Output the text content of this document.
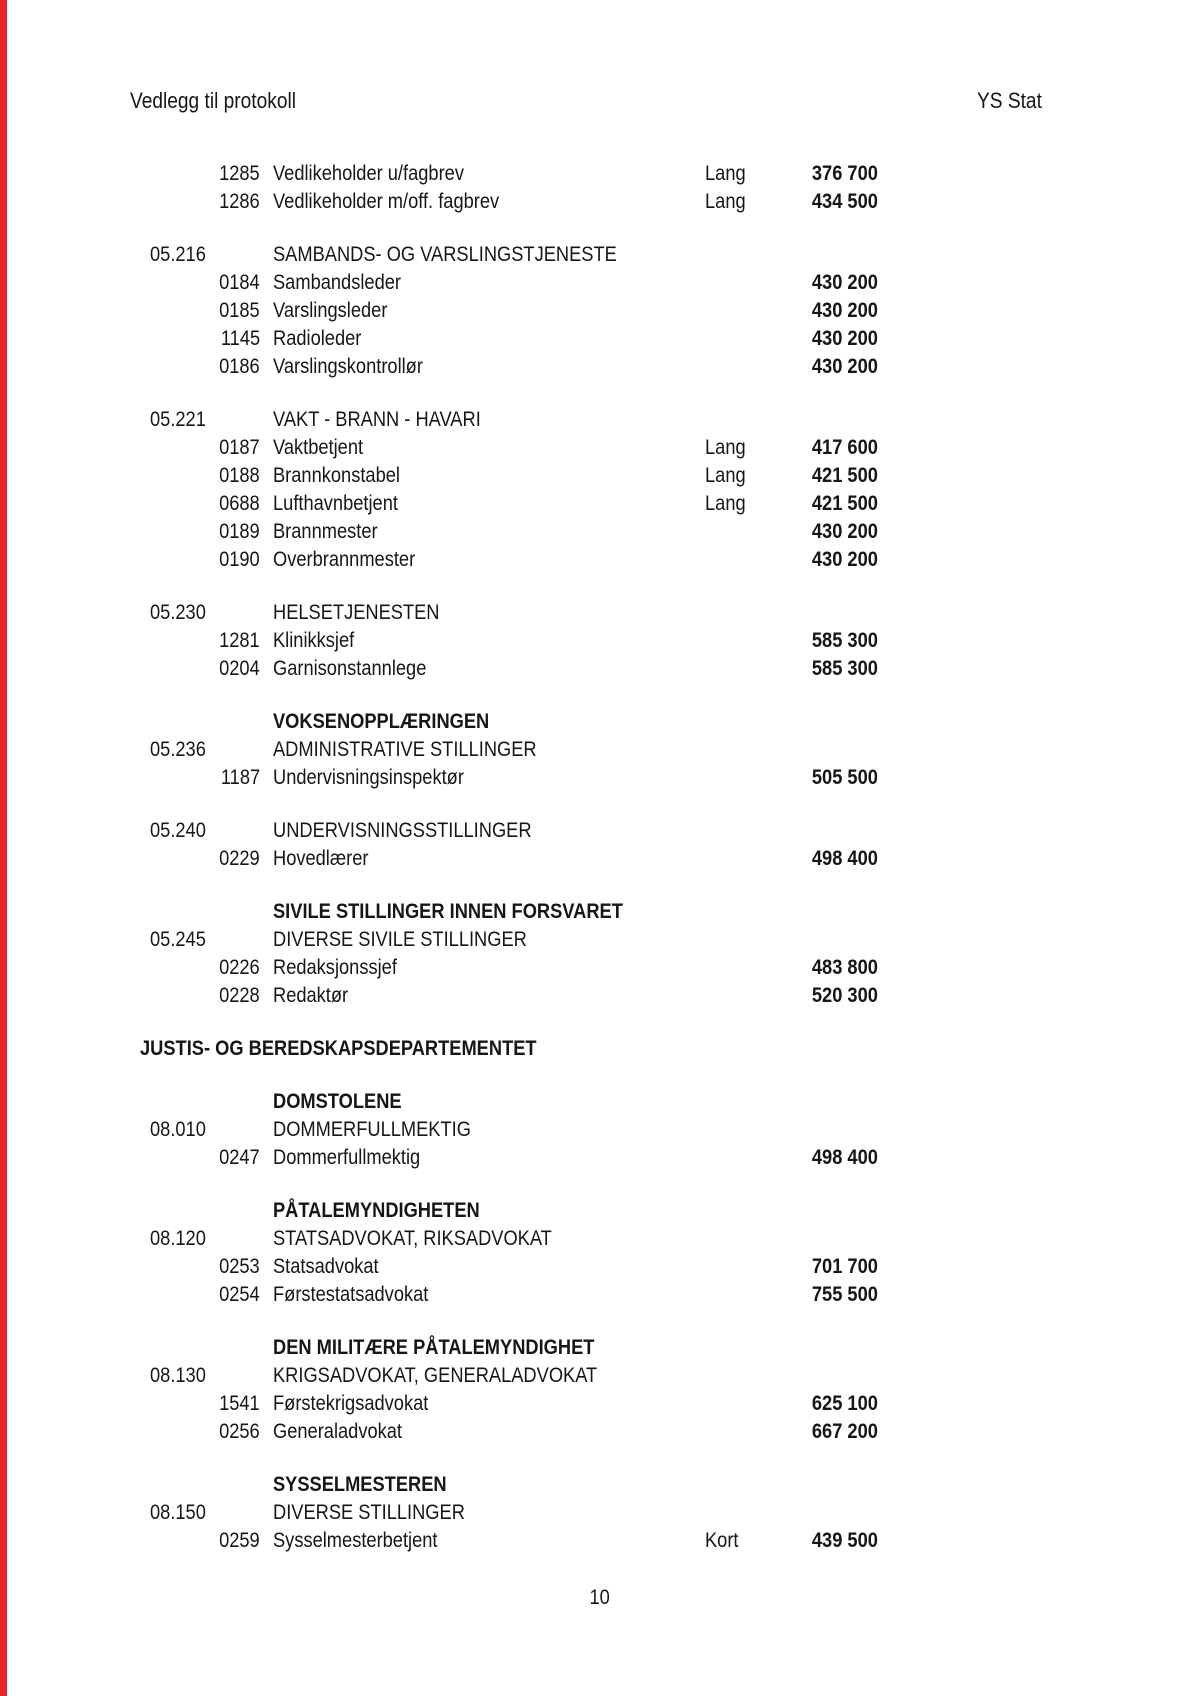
Vedlegg til protokoll	YS Stat
1285 Vedlikeholder u/fagbrev	Lang	376 700
1286 Vedlikeholder m/off. fagbrev	Lang	434 500
05.216	SAMBANDS- OG VARSLINGSTJENESTE
0184 Sambandsleder	430 200
0185 Varslingsleder	430 200
1145 Radioleder	430 200
0186 Varslingskontrollør	430 200
05.221	VAKT - BRANN - HAVARI
0187 Vaktbetjent	Lang	417 600
0188 Brannkonstabel	Lang	421 500
0688 Lufthavnbetjent	Lang	421 500
0189 Brannmester	430 200
0190 Overbrannmester	430 200
05.230	HELSETJENESTEN
1281 Klinikksjef	585 300
0204 Garnisonstannlege	585 300
VOKSENOPPLÆRINGEN
05.236	ADMINISTRATIVE STILLINGER
1187 Undervisningsinspektør	505 500
05.240	UNDERVISNINGSSTILLINGER
0229 Hovedlærer	498 400
SIVILE STILLINGER INNEN FORSVARET
05.245	DIVERSE SIVILE STILLINGER
0226 Redaksjonssjef	483 800
0228 Redaktør	520 300
JUSTIS- OG BEREDSKAPSDEPARTEMENTET
DOMSTOLENE
08.010	DOMMERFULLMEKTIG
0247 Dommerfullmektig	498 400
PÅTALEMYNDIGHETEN
08.120	STATSADVOKAT, RIKSADVOKAT
0253 Statsadvokat	701 700
0254 Førstestatsadvokat	755 500
DEN MILITÆRE PÅTALEMYNDIGHET
08.130	KRIGSADVOKAT, GENERALADVOKAT
1541 Førstekrigsadvokat	625 100
0256 Generaladvokat	667 200
SYSSELMESTEREN
08.150	DIVERSE STILLINGER
0259 Sysselmesterbetjent	Kort	439 500
10
